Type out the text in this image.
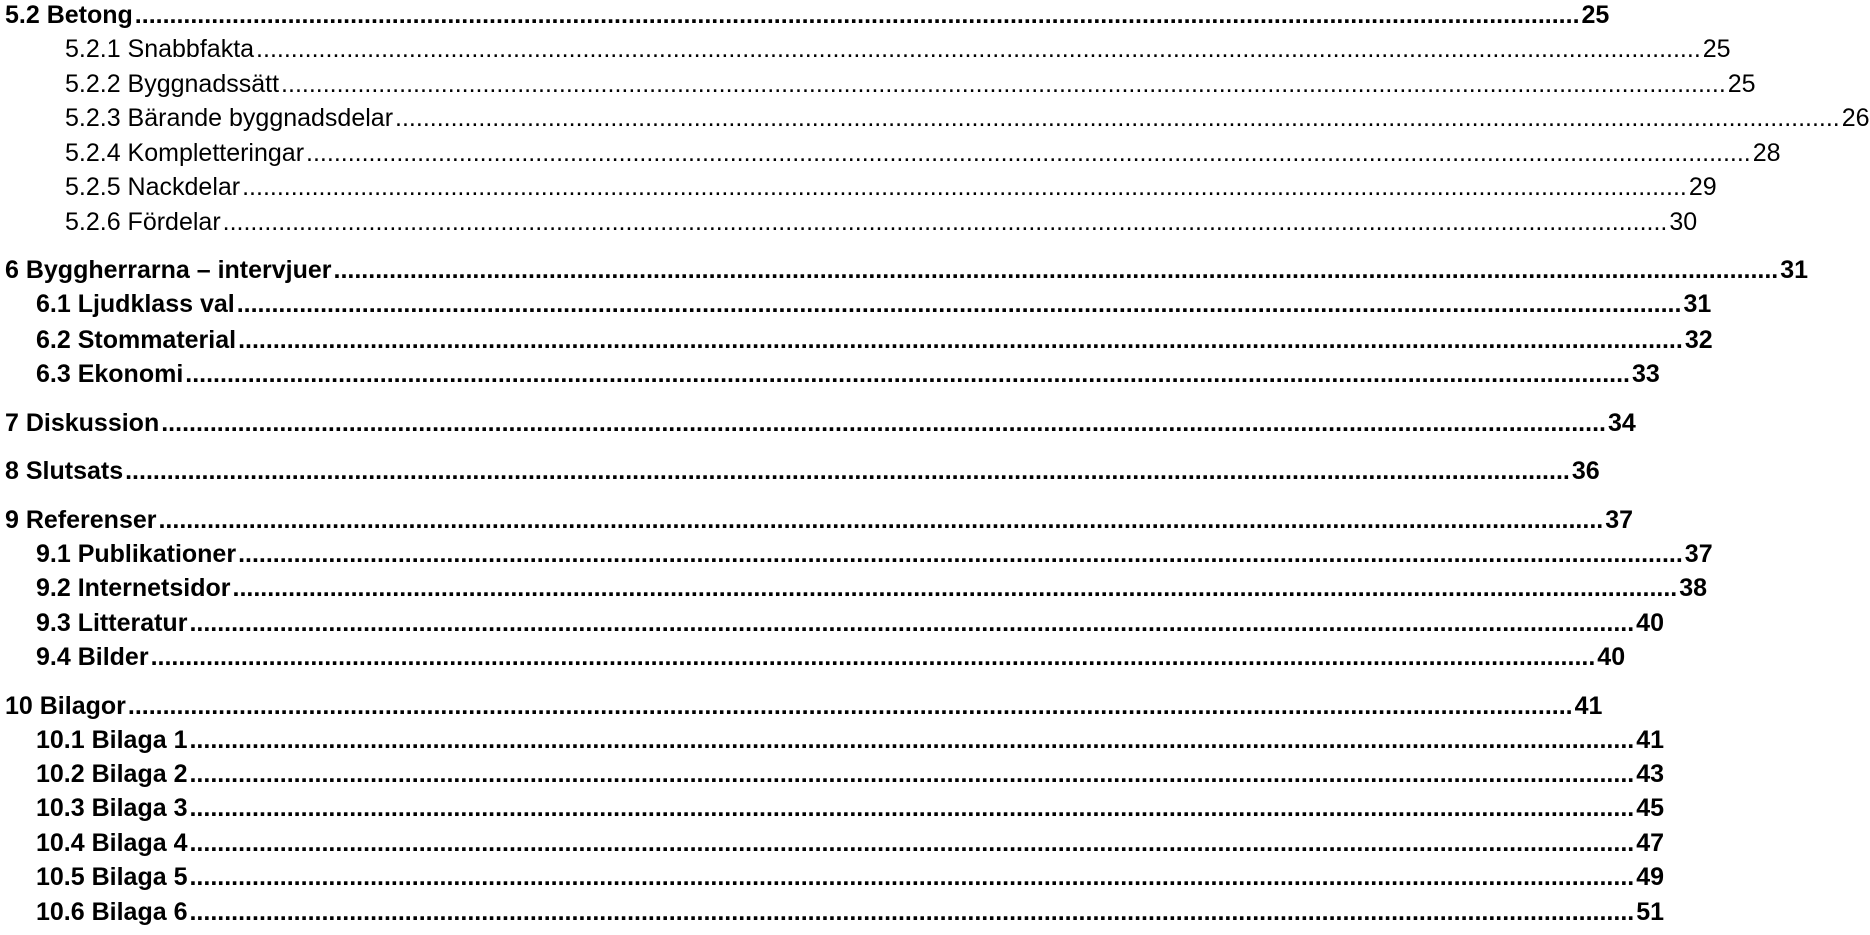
5.2 Betong ................................................................................................................................................................................................................ 25
5.2.1 Snabbfakta ................................................................................................................................................................................................................ 25
5.2.2 Byggnadssätt ................................................................................................................................................................................................................ 25
5.2.3 Bärande byggnadsdelar ................................................................................................................................................................................................................ 26
5.2.4 Kompletteringar ................................................................................................................................................................................................................ 28
5.2.5 Nackdelar ................................................................................................................................................................................................................ 29
5.2.6 Fördelar ................................................................................................................................................................................................................ 30
6 Byggherrarna – intervjuer ................................................................................................................................................................................................................ 31
6.1 Ljudklass val ................................................................................................................................................................................................................ 31
6.2 Stommaterial ................................................................................................................................................................................................................ 32
6.3 Ekonomi ................................................................................................................................................................................................................ 33
7 Diskussion ................................................................................................................................................................................................................ 34
8 Slutsats ................................................................................................................................................................................................................ 36
9 Referenser ................................................................................................................................................................................................................ 37
9.1 Publikationer ................................................................................................................................................................................................................ 37
9.2 Internetsidor ................................................................................................................................................................................................................ 38
9.3 Litteratur ................................................................................................................................................................................................................ 40
9.4 Bilder ................................................................................................................................................................................................................ 40
10 Bilagor ................................................................................................................................................................................................................ 41
10.1 Bilaga 1 ................................................................................................................................................................................................................ 41
10.2 Bilaga 2 ................................................................................................................................................................................................................ 43
10.3 Bilaga 3 ................................................................................................................................................................................................................ 45
10.4 Bilaga 4 ................................................................................................................................................................................................................ 47
10.5 Bilaga 5 ................................................................................................................................................................................................................ 49
10.6 Bilaga 6 ................................................................................................................................................................................................................ 51
